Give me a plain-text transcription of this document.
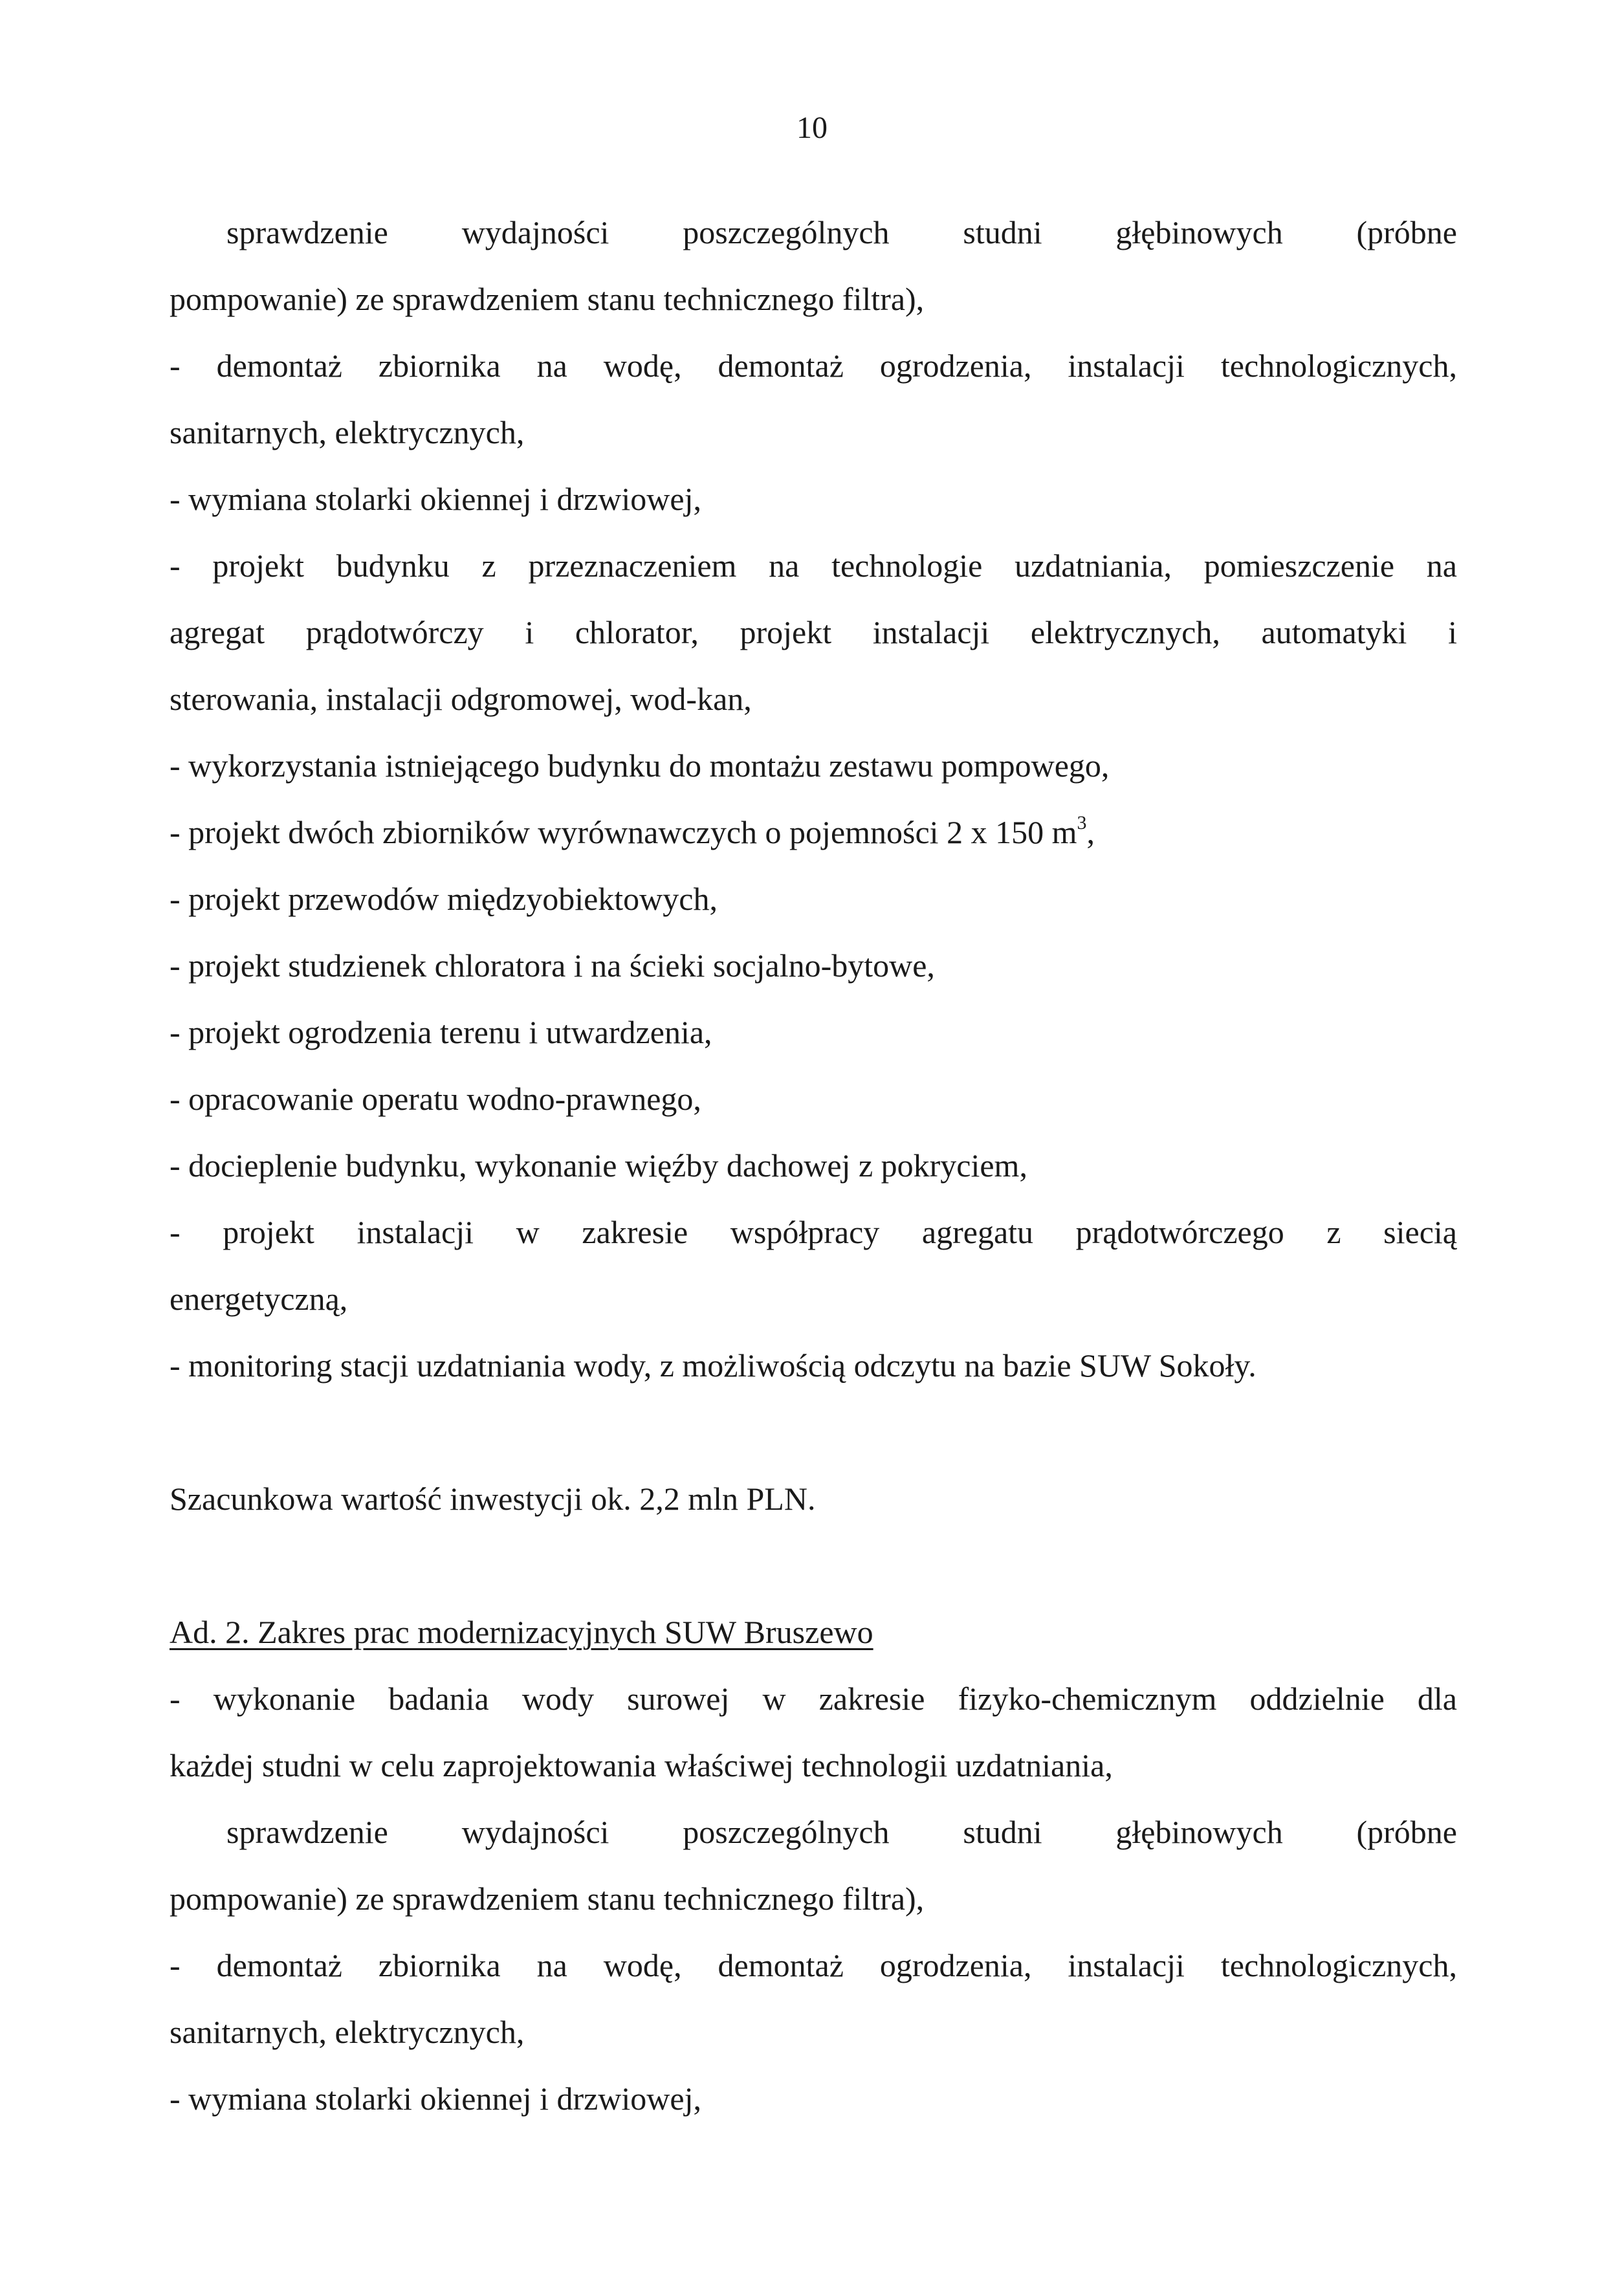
10
sprawdzenie wydajności poszczególnych studni głębinowych (próbne
pompowanie) ze sprawdzeniem stanu technicznego filtra),
- demontaż zbiornika na wodę, demontaż ogrodzenia, instalacji technologicznych,
sanitarnych, elektrycznych,
- wymiana stolarki okiennej i drzwiowej,
- projekt budynku z przeznaczeniem na technologie uzdatniania, pomieszczenie na
agregat prądotwórczy i chlorator, projekt instalacji elektrycznych, automatyki i
sterowania, instalacji odgromowej, wod-kan,
- wykorzystania istniejącego budynku do montażu zestawu pompowego,
- projekt dwóch zbiorników wyrównawczych o pojemności 2 x 150 $m^3$,
- projekt przewodów międzyobiektowych,
- projekt studzienek chloratora i na ścieki socjalno-bytowe,
- projekt ogrodzenia terenu i utwardzenia,
- opracowanie operatu wodno-prawnego,
- docieplenie budynku, wykonanie więźby dachowej z pokryciem,
- projekt instalacji w zakresie współpracy agregatu prądotwórczego z siecią
energetyczną,
- monitoring stacji uzdatniania wody, z możliwością odczytu na bazie SUW Sokoły.
Szacunkowa wartość inwestycji ok. 2,2 mln PLN.
Ad. 2. Zakres prac modernizacyjnych SUW Bruszewo
- wykonanie badania wody surowej w zakresie fizyko-chemicznym oddzielnie dla
każdej studni w celu zaprojektowania właściwej technologii uzdatniania,
sprawdzenie wydajności poszczególnych studni głębinowych (próbne
pompowanie) ze sprawdzeniem stanu technicznego filtra),
- demontaż zbiornika na wodę, demontaż ogrodzenia, instalacji technologicznych,
sanitarnych, elektrycznych,
- wymiana stolarki okiennej i drzwiowej,
